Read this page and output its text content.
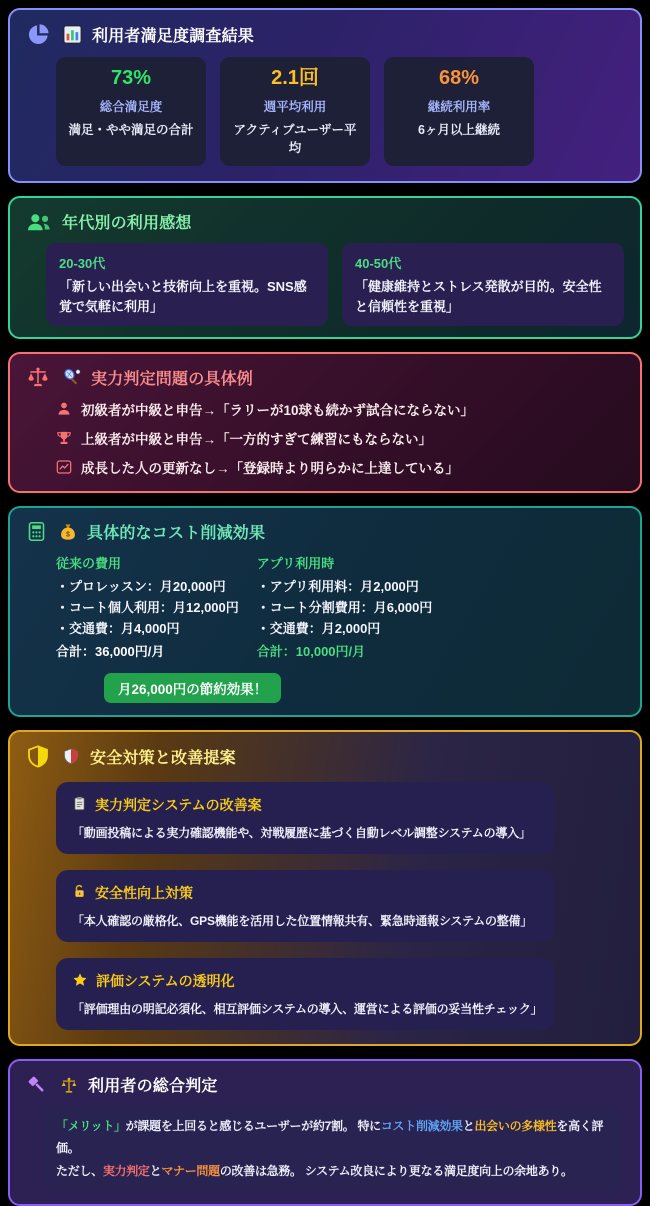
利用者満足度調査結果
73%
総合満足度
満足・やや満足の合計
2.1回
週平均利用
アクティブユーザー平均
68%
継続利用率
6ヶ月以上継続
年代別の利用感想
20-30代
「新しい出会いと技術向上を重視。SNS感覚で気軽に利用」
40-50代
「健康維持とストレス発散が目的。安全性と信頼性を重視」
実力判定問題の具体例
初級者が中級と申告→「ラリーが10球も続かず試合にならない」
上級者が中級と申告→「一方的すぎて練習にもならない」
成長した人の更新なし→「登録時より明らかに上達している」
$ 具体的なコスト削減効果
従来の費用
・プロレッスン：月20,000円
・コート個人利用：月12,000円
・交通費：月4,000円
合計：36,000円/月
アプリ利用時
・アプリ利用料：月2,000円
・コート分割費用：月6,000円
・交通費：月2,000円
合計：10,000円/月
月26,000円の節約効果！
安全対策と改善提案
実力判定システムの改善案
「動画投稿による実力確認機能や、対戦履歴に基づく自動レベル調整システムの導入」
安全性向上対策
「本人確認の厳格化、GPS機能を活用した位置情報共有、緊急時通報システムの整備」
評価システムの透明化
「評価理由の明記必須化、相互評価システムの導入、運営による評価の妥当性チェック」
利用者の総合判定
「メリット」が課題を上回ると感じるユーザーが約7割。 特にコスト削減効果と出会いの多様性を高く評価。
ただし、実力判定とマナー問題の改善は急務。 システム改良により更なる満足度向上の余地あり。
